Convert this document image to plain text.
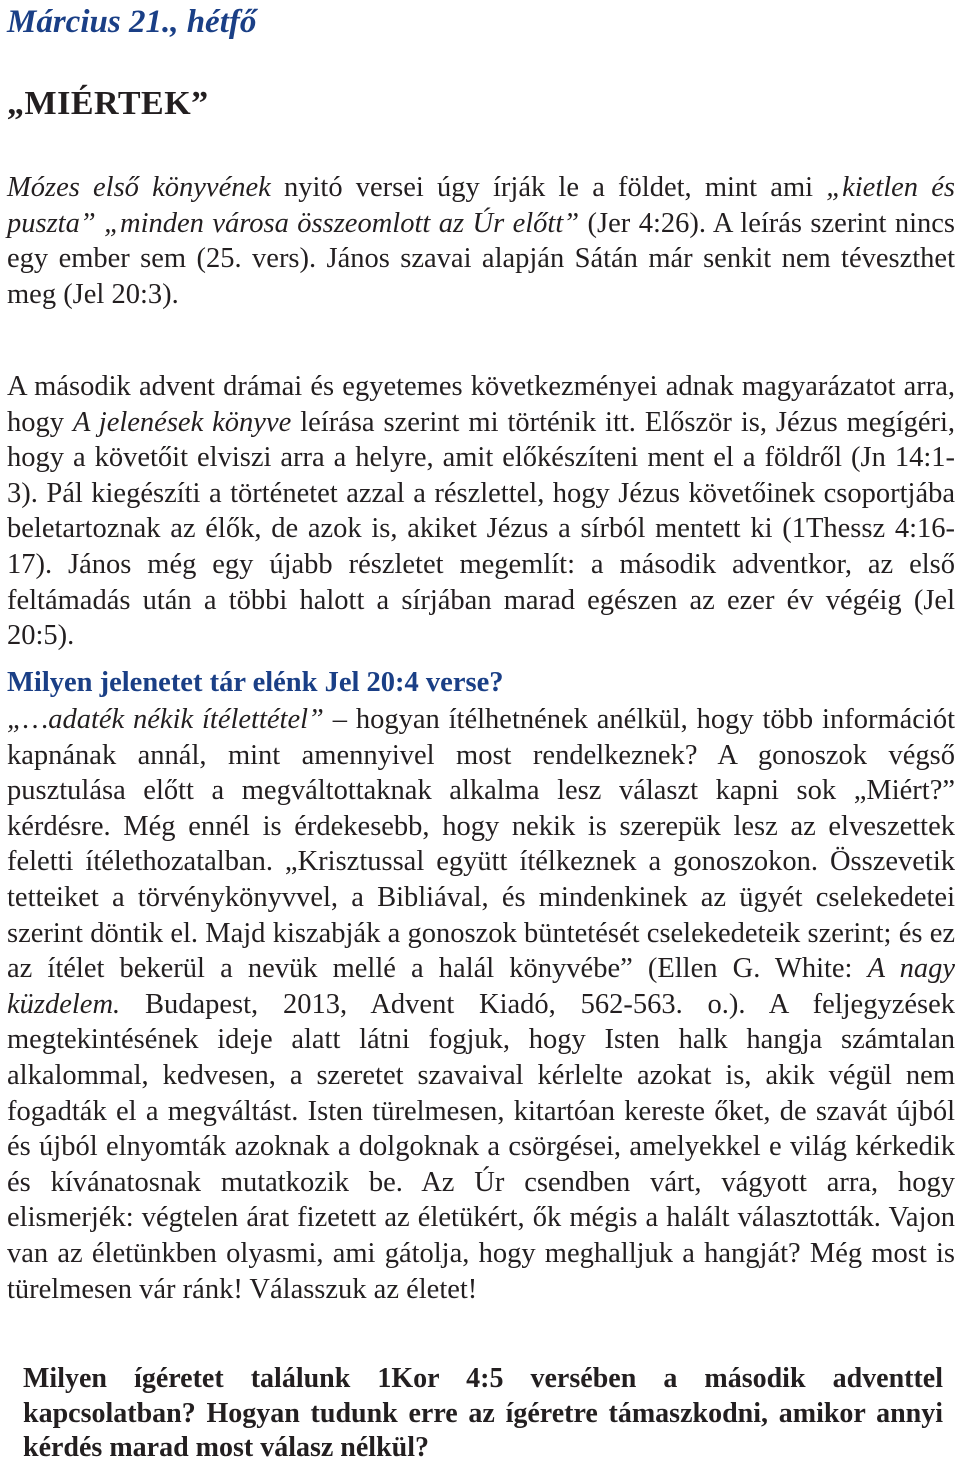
Március 21., hétfő
„MIÉRTEK”

Mózes első könyvének nyitó versei úgy írják le a földet, mint ami „kietlen és puszta” „minden városa összeomlott az Úr előtt” (Jer 4:26). A leírás szerint nincs egy ember sem (25. vers). János szavai alapján Sátán már senkit nem téveszthet meg (Jel 20:3).

A második advent drámai és egyetemes következményei adnak magyarázatot arra, hogy A jelenések könyve leírása szerint mi történik itt. Először is, Jézus megígéri, hogy a követőit elviszi arra a helyre, amit előkészíteni ment el a földről (Jn 14:1-3). Pál kiegészíti a történetet azzal a részlettel, hogy Jézus követőinek csoportjába beletartoznak az élők, de azok is, akiket Jézus a sírból mentett ki (1Thessz 4:16-17). János még egy újabb részletet megemlít: a második adventkor, az első feltámadás után a többi halott a sírjában marad egészen az ezer év végéig (Jel 20:5).

Milyen jelenetet tár elénk Jel 20:4 verse?

„…adaték nékik ítélettétel” – hogyan ítélhetnének anélkül, hogy több információt kapnának annál, mint amennyivel most rendelkeznek? A gonoszok végső pusztulása előtt a megváltottaknak alkalma lesz választ kapni sok „Miért?” kérdésre. Még ennél is érdekesebb, hogy nekik is szerepük lesz az elveszettek feletti ítélethozatalban. „Krisztussal együtt ítélkeznek a gonoszokon. Összevetik tetteiket a törvénykönyvvel, a Bibliával, és mindenkinek az ügyét cselekedetei szerint döntik el. Majd kiszabják a gonoszok büntetését cselekedeteik szerint; és ez az ítélet bekerül a nevük mellé a halál könyvébe” (Ellen G. White: A nagy küzdelem. Budapest, 2013, Advent Kiadó, 562-563. o.). A feljegyzések megtekintésének ideje alatt látni fogjuk, hogy Isten halk hangja számtalan alkalommal, kedvesen, a szeretet szavaival kérlelte azokat is, akik végül nem fogadták el a megváltást. Isten türelmesen, kitartóan kereste őket, de szavát újból és újból elnyomták azoknak a dolgoknak a csörgései, amelyekkel e világ kérkedik és kívánatosnak mutatkozik be. Az Úr csendben várt, vágyott arra, hogy elismerjék: végtelen árat fizetett az életükért, ők mégis a halált választották. Vajon van az életünkben olyasmi, ami gátolja, hogy meghalljuk a hangját? Még most is türelmesen vár ránk! Válasszuk az életet!

Milyen ígéretet találunk 1Kor 4:5 versében a második adventtel kapcsolatban? Hogyan tudunk erre az ígéretre támaszkodni, amikor annyi kérdés marad most válasz nélkül?
